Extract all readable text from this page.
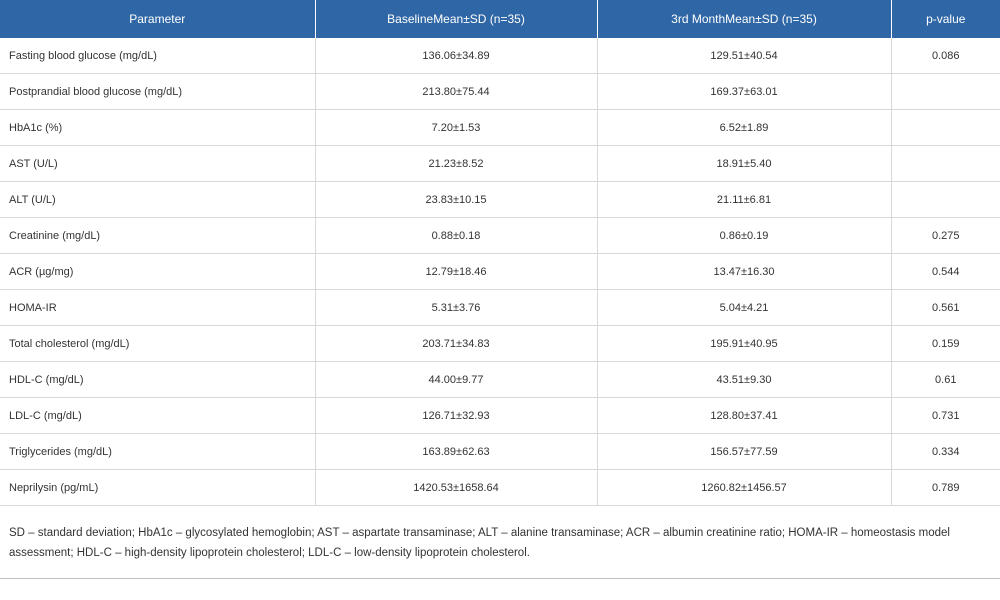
Parameter	BaselineMean±SD (n=35)	3rd MonthMean±SD (n=35)	p-value
Fasting blood glucose (mg/dL)	136.06±34.89	129.51±40.54	0.086
Postprandial blood glucose (mg/dL)	213.80±75.44	169.37±63.01	
HbA1c (%)	7.20±1.53	6.52±1.89	
AST (U/L)	21.23±8.52	18.91±5.40	
ALT (U/L)	23.83±10.15	21.11±6.81	
Creatinine (mg/dL)	0.88±0.18	0.86±0.19	0.275
ACR (µg/mg)	12.79±18.46	13.47±16.30	0.544
HOMA-IR	5.31±3.76	5.04±4.21	0.561
Total cholesterol (mg/dL)	203.71±34.83	195.91±40.95	0.159
HDL-C (mg/dL)	44.00±9.77	43.51±9.30	0.61
LDL-C (mg/dL)	126.71±32.93	128.80±37.41	0.731
Triglycerides (mg/dL)	163.89±62.63	156.57±77.59	0.334
Neprilysin (pg/mL)	1420.53±1658.64	1260.82±1456.57	0.789
SD – standard deviation; HbA1c – glycosylated hemoglobin; AST – aspartate transaminase; ALT – alanine transaminase; ACR – albumin creatinine ratio; HOMA-IR – homeostasis model assessment; HDL-C – high-density lipoprotein cholesterol; LDL-C – low-density lipoprotein cholesterol.
